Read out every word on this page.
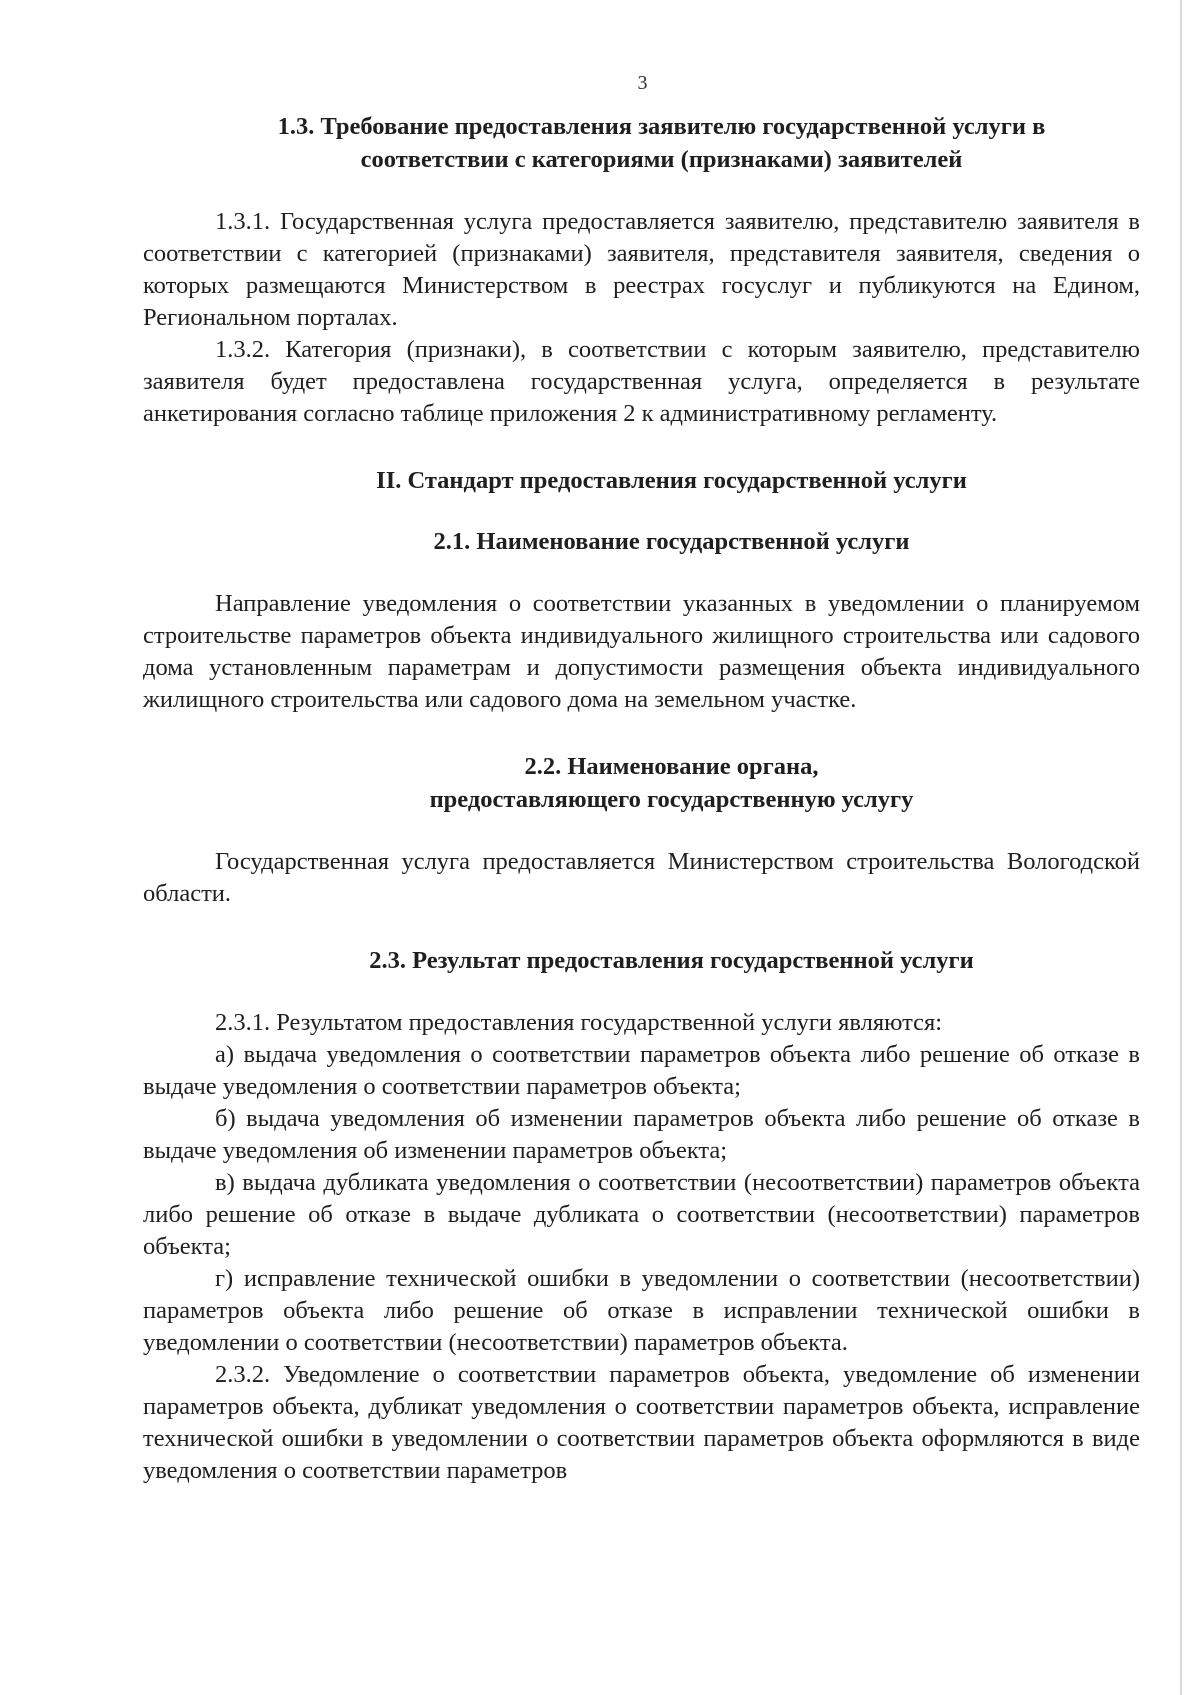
3
1.3. Требование предоставления заявителю государственной услуги в
соответствии с категориями (признаками) заявителей

1.3.1. Государственная услуга предоставляется заявителю, представителю заявителя в соответствии с категорией (признаками) заявителя, представителя заявителя, сведения о которых размещаются Министерством в реестрах госуслуг и публикуются на Едином, Региональном порталах.

1.3.2. Категория (признаки), в соответствии с которым заявителю, представителю заявителя будет предоставлена государственная услуга, определяется в результате анкетирования согласно таблице приложения 2 к административному регламенту.

II. Стандарт предоставления государственной услуги
2.1. Наименование государственной услуги

Направление уведомления о соответствии указанных в уведомлении о планируемом строительстве параметров объекта индивидуального жилищного строительства или садового дома установленным параметрам и допустимости размещения объекта индивидуального жилищного строительства или садового дома на земельном участке.

2.2. Наименование органа,
предоставляющего государственную услугу

Государственная услуга предоставляется Министерством строительства Вологодской области.

2.3. Результат предоставления государственной услуги

2.3.1. Результатом предоставления государственной услуги являются:

а) выдача уведомления о соответствии параметров объекта либо решение об отказе в выдаче уведомления о соответствии параметров объекта;

б) выдача уведомления об изменении параметров объекта либо решение об отказе в выдаче уведомления об изменении параметров объекта;

в) выдача дубликата уведомления о соответствии (несоответствии) параметров объекта либо решение об отказе в выдаче дубликата о соответствии (несоответствии) параметров объекта;

г) исправление технической ошибки в уведомлении о соответствии (несоответствии) параметров объекта либо решение об отказе в исправлении технической ошибки в уведомлении о соответствии (несоответствии) параметров объекта.

2.3.2. Уведомление о соответствии параметров объекта, уведомление об изменении параметров объекта, дубликат уведомления о соответствии параметров объекта, исправление технической ошибки в уведомлении о соответствии параметров объекта оформляются в виде уведомления о соответствии параметров
